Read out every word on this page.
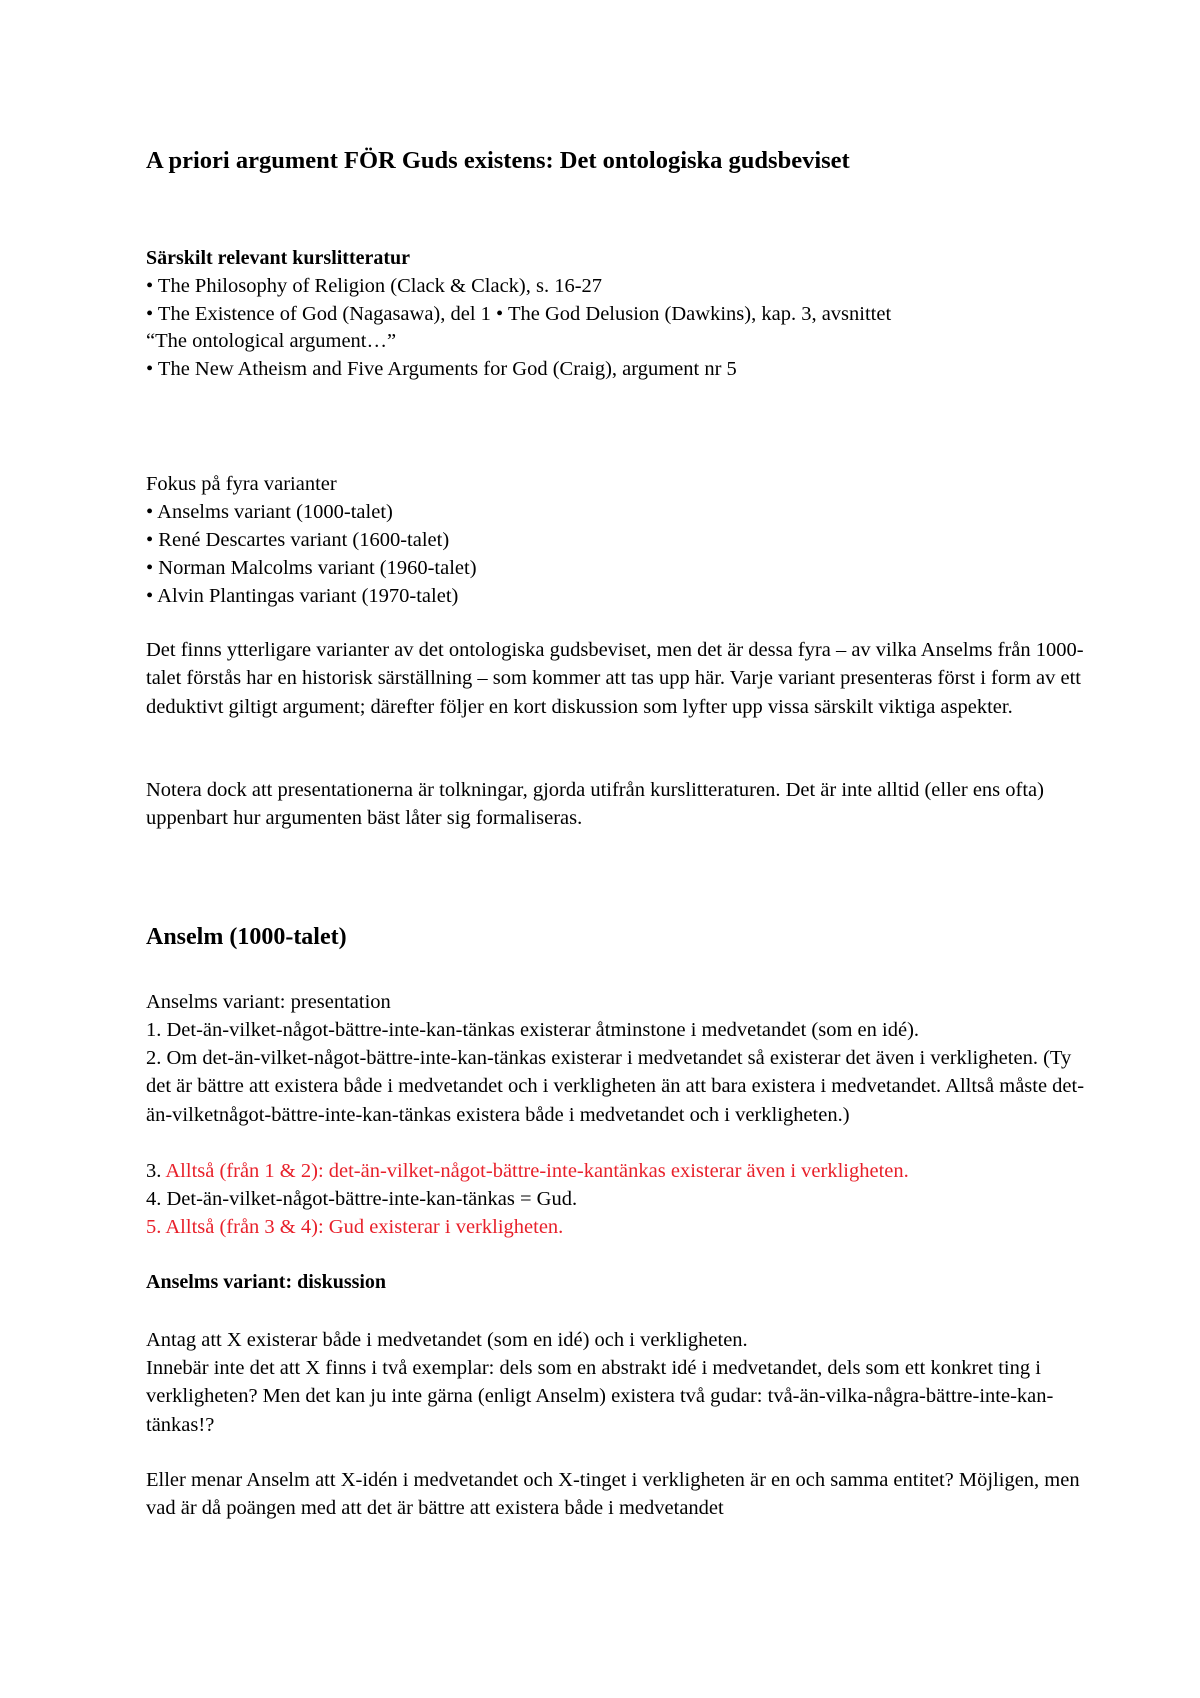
A priori argument FÖR Guds existens: Det ontologiska gudsbeviset
Särskilt relevant kurslitteratur
• The Philosophy of Religion (Clack & Clack), s. 16-27
• The Existence of God (Nagasawa), del 1 • The God Delusion (Dawkins), kap. 3, avsnittet
“The ontological argument…”
• The New Atheism and Five Arguments for God (Craig), argument nr 5
Fokus på fyra varianter
• Anselms variant (1000-talet)
• René Descartes variant (1600-talet)
• Norman Malcolms variant (1960-talet)
• Alvin Plantingas variant (1970-talet)

Det finns ytterligare varianter av det ontologiska gudsbeviset, men det är dessa fyra – av vilka Anselms från 1000-talet förstås har en historisk särställning – som kommer att tas upp här. Varje variant presenteras först i form av ett deduktivt giltigt argument; därefter följer en kort diskussion som lyfter upp vissa särskilt viktiga aspekter.

Notera dock att presentationerna är tolkningar, gjorda utifrån kurslitteraturen. Det är inte alltid (eller ens ofta) uppenbart hur argumenten bäst låter sig formaliseras.

Anselm (1000-talet)
Anselms variant: presentation
1. Det-än-vilket-något-bättre-inte-kan-tänkas existerar åtminstone i medvetandet (som en idé).

2. Om det-än-vilket-något-bättre-inte-kan-tänkas existerar i medvetandet så existerar det även i verkligheten. (Ty det är bättre att existera både i medvetandet och i verkligheten än att bara existera i medvetandet. Alltså måste det-än-vilketnågot-bättre-inte-kan-tänkas existera både i medvetandet och i verkligheten.)

3. Alltså (från 1 & 2): det-än-vilket-något-bättre-inte-kantänkas existerar även i verkligheten.
4. Det-än-vilket-något-bättre-inte-kan-tänkas = Gud.
5. Alltså (från 3 & 4): Gud existerar i verkligheten.
Anselms variant: diskussion
Antag att X existerar både i medvetandet (som en idé) och i verkligheten.

Innebär inte det att X finns i två exemplar: dels som en abstrakt idé i medvetandet, dels som ett konkret ting i verkligheten? Men det kan ju inte gärna (enligt Anselm) existera två gudar: två-än-vilka-några-bättre-inte-kan-tänkas!?

Eller menar Anselm att X-idén i medvetandet och X-tinget i verkligheten är en och samma entitet? Möjligen, men vad är då poängen med att det är bättre att existera både i medvetandet
